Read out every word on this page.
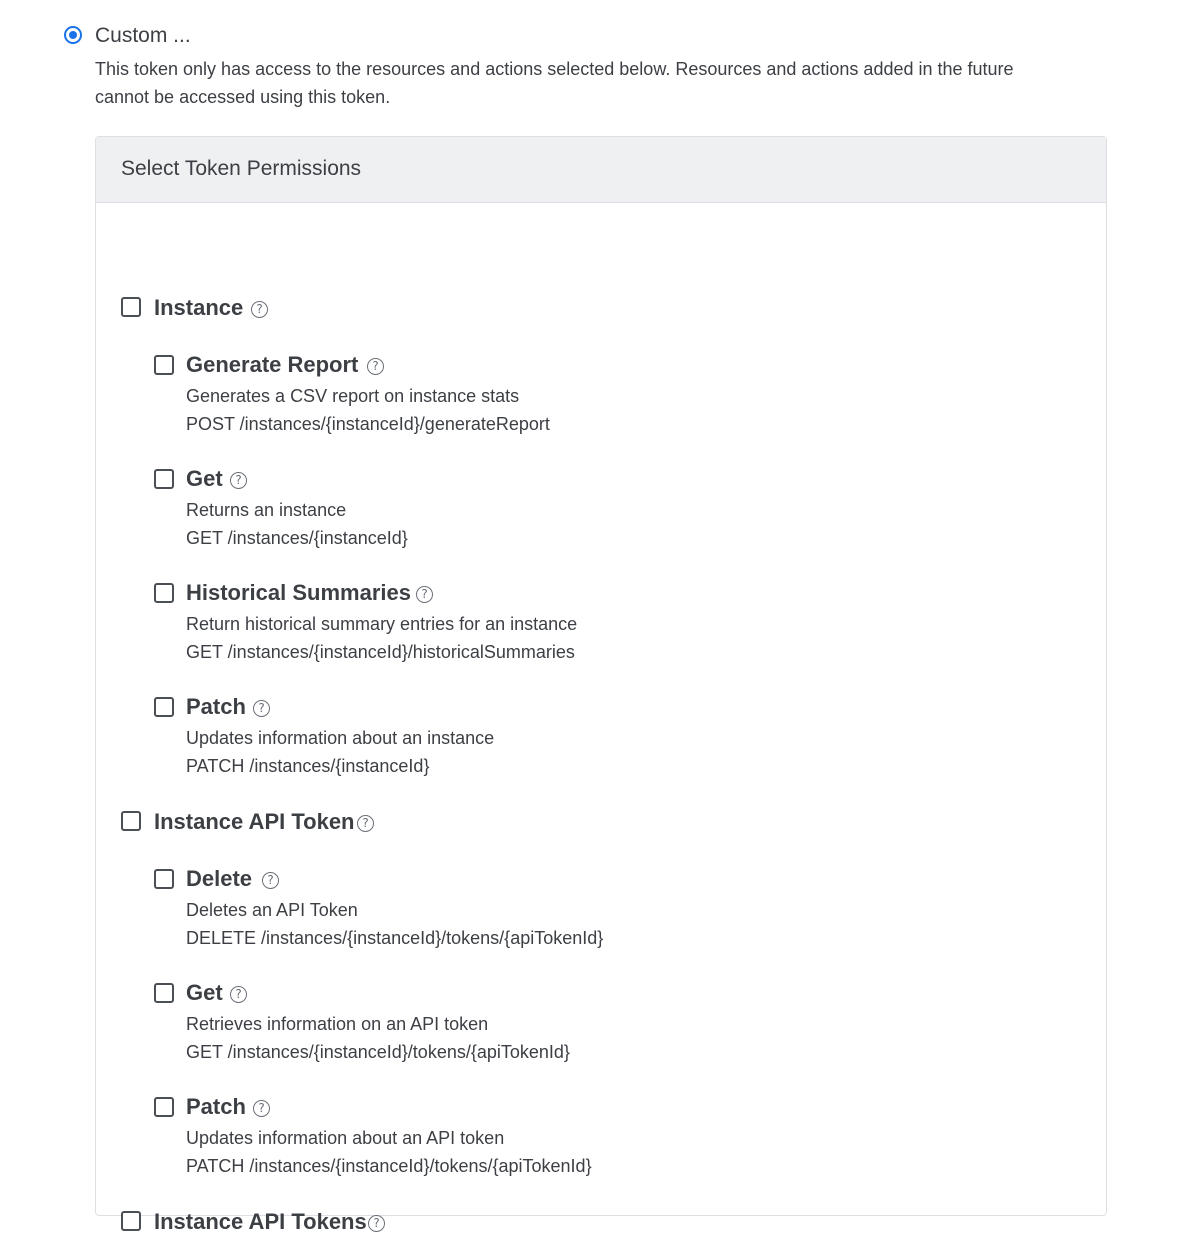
Custom ...
This token only has access to the resources and actions selected below. Resources and actions added in the future cannot be accessed using this token.
Select Token Permissions
Instance	?
Generate Report	?
Generates a CSV report on instance stats
POST /instances/{instanceId}/generateReport
Get	?
Returns an instance
GET /instances/{instanceId}
Historical Summaries ?
Return historical summary entries for an instance
GET /instances/{instanceId}/historicalSummaries
Patch	?
Updates information about an instance
PATCH /instances/{instanceId}
Instance API Token ?
Delete	?
Deletes an API Token
DELETE /instances/{instanceId}/tokens/{apiTokenId}
Get	?
Retrieves information on an API token
GET /instances/{instanceId}/tokens/{apiTokenId}
Patch	?
Updates information about an API token
PATCH /instances/{instanceId}/tokens/{apiTokenId}
Instance API Tokens ?
